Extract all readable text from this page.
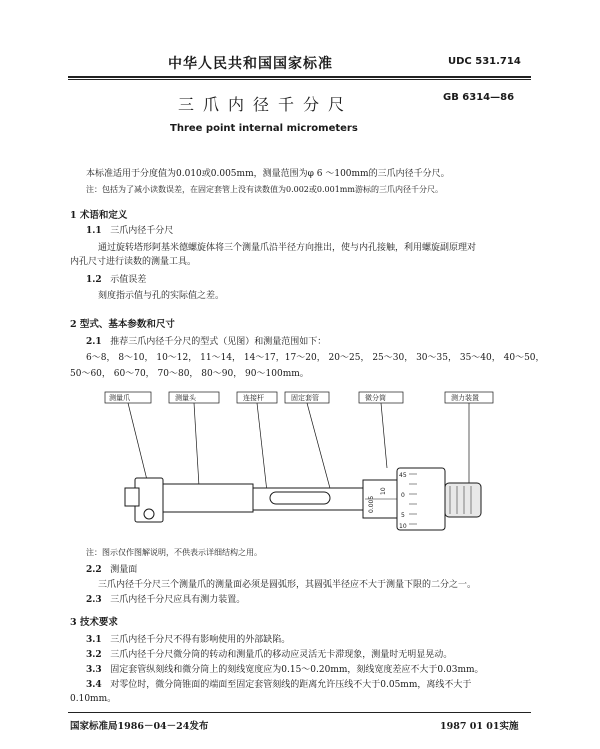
中华人民共和国国家标准	UDC 531.714
三爪内径千分尺	GB 6314—86
Three point internal micrometers
本标准适用于分度值为0.010或0.005mm，测量范围为φ 6 ～100mm的三爪内径千分尺。
注：包括为了减小读数误差，在固定套管上没有读数值为0.002或0.001mm游标的三爪内径千分尺。
1 术语和定义
1.1 三爪内径千分尺
通过旋转塔形阿基米德螺旋体将三个测量爪沿半径方向推出，使与内孔接触，利用螺旋副原理对
内孔尺寸进行读数的测量工具。
1.2 示值误差
刻度指示值与孔的实际值之差。
2 型式、基本参数和尺寸
2.1 推荐三爪内径千分尺的型式（见图）和测量范围如下：
6～8， 8～10， 10～12， 11～14， 14～17，17～20， 20～25， 25～30， 30～35， 35～40， 40～50，
50～60， 60～70， 70～80， 80～90， 90～100mm。
测量爪	测量头	连接杆	固定套管	微分筒	测力装置
45
0
5
10
0.005
10
注：图示仅作图解说明，不供表示详细结构之用。
2.2 测量面
三爪内径千分尺三个测量爪的测量面必须是圆弧形，其圆弧半径应不大于测量下限的二分之一。
2.3 三爪内径千分尺应具有测力装置。
3 技术要求
3.1 三爪内径千分尺不得有影响使用的外部缺陷。
3.2 三爪内径千分尺微分筒的转动和测量爪的移动应灵活无卡滞现象，测量时无明显晃动。
3.3 固定套管纵刻线和微分筒上的刻线宽度应为0.15～0.20mm，刻线宽度差应不大于0.03mm。
3.4 对零位时，微分筒锥面的端面至固定套管刻线的距离允许压线不大于0.05mm，离线不大于
0.10mm。
国家标准局1986－04－24发布	1987 01 01实施
